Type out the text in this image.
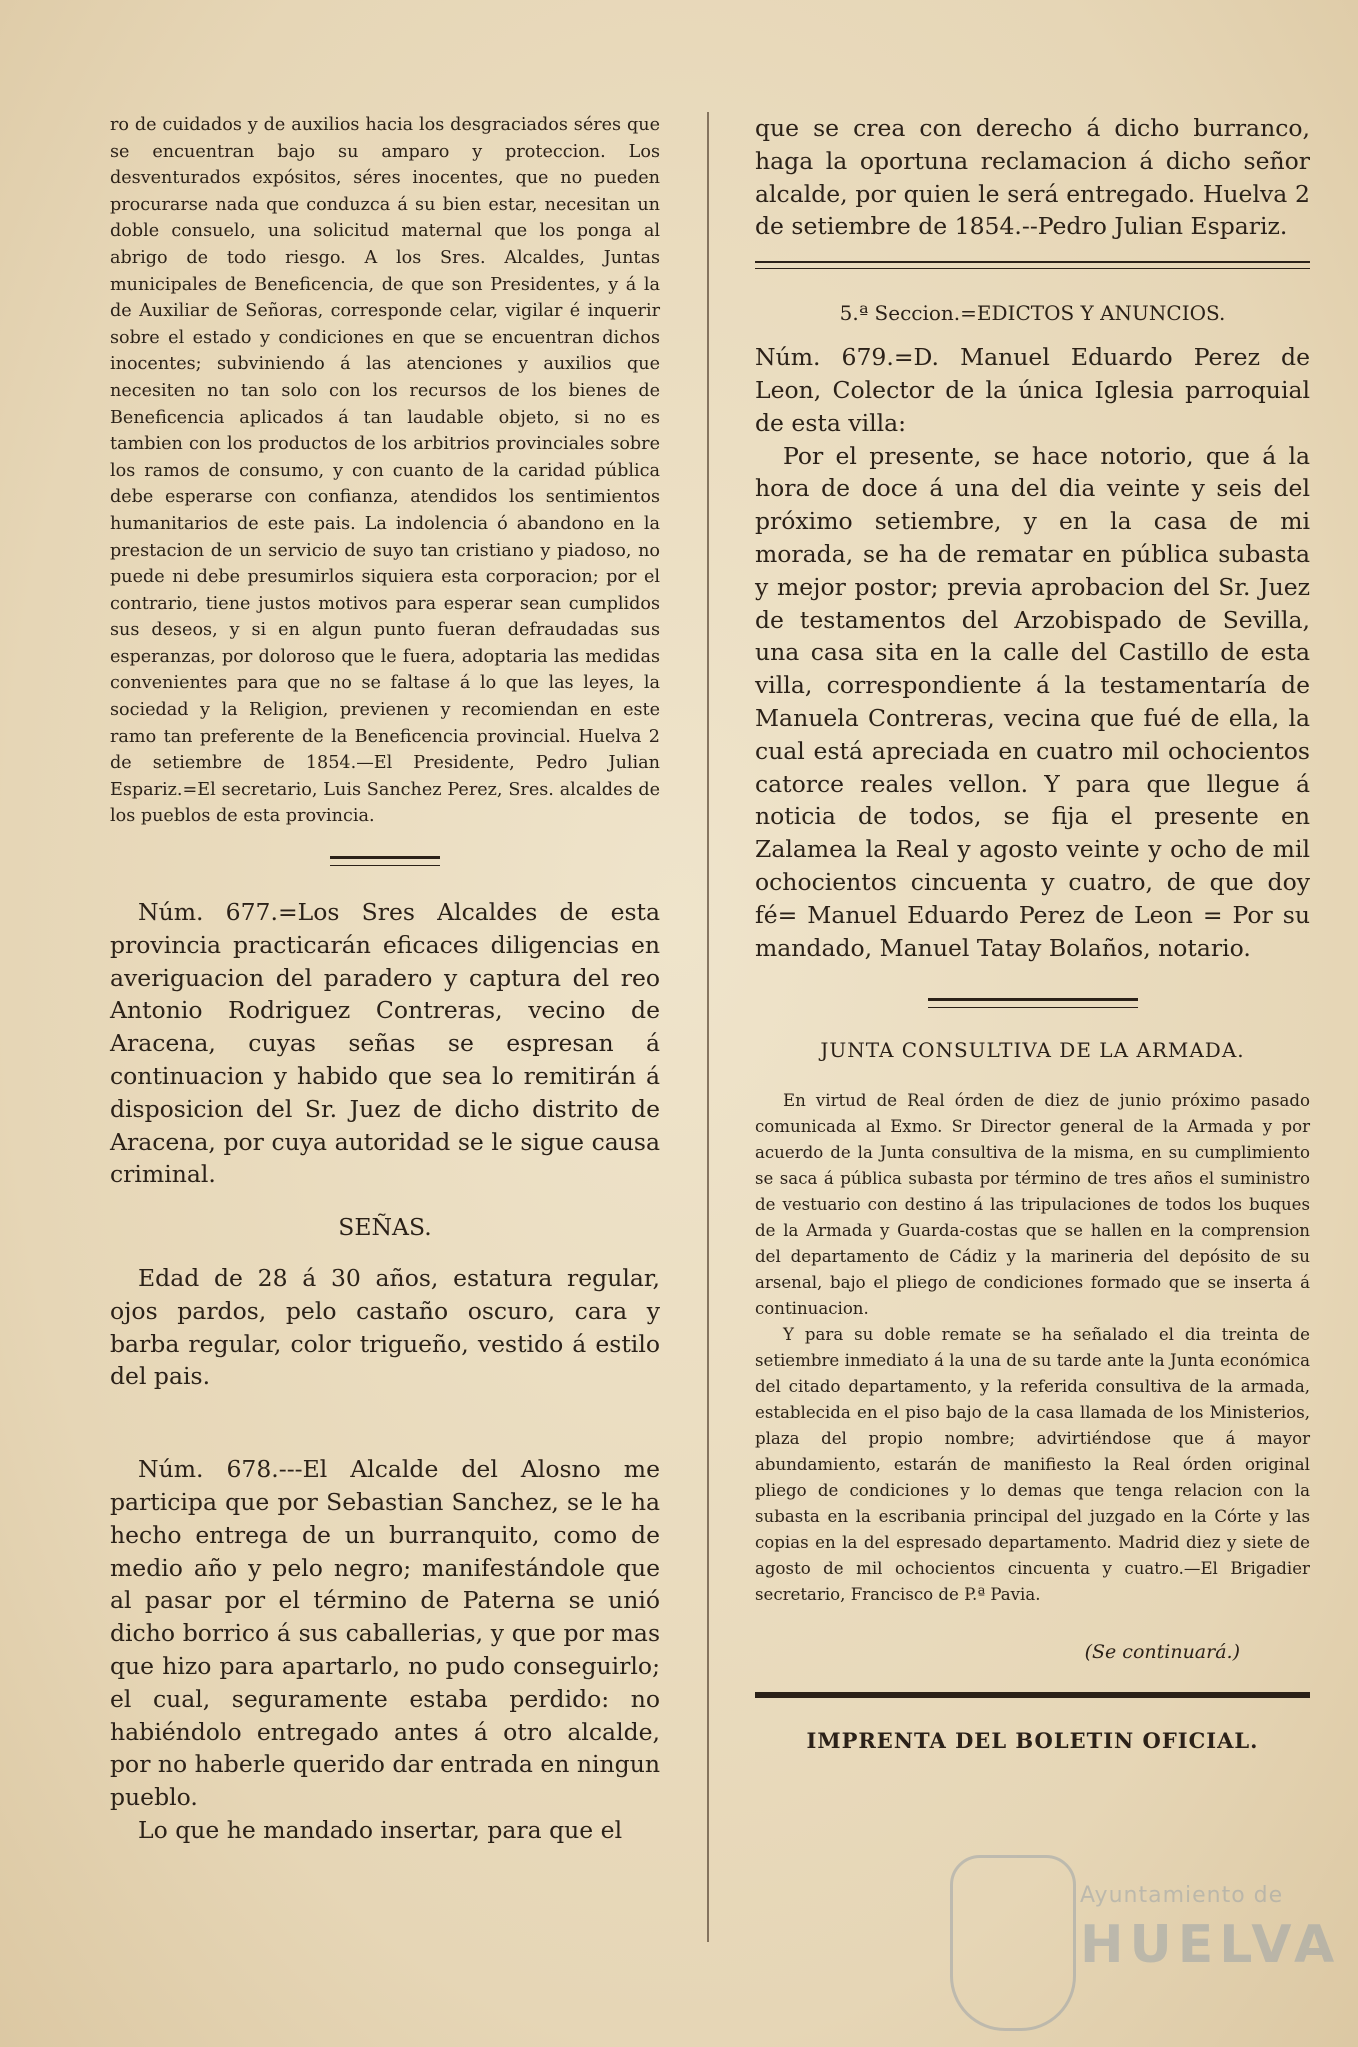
ro de cuidados y de auxilios hacia los desgraciados séres que se encuentran bajo su amparo y proteccion. Los desventurados expósitos, séres inocentes, que no pueden procurarse nada que conduzca á su bien estar, necesitan un doble consuelo, una solicitud maternal que los ponga al abrigo de todo riesgo. A los Sres. Alcaldes, Juntas municipales de Beneficencia, de que son Presidentes, y á la de Auxiliar de Señoras, corresponde celar, vigilar é inquerir sobre el estado y condiciones en que se encuentran dichos inocentes; subviniendo á las atenciones y auxilios que necesiten no tan solo con los recursos de los bienes de Beneficencia aplicados á tan laudable objeto, si no es tambien con los productos de los arbitrios provinciales sobre los ramos de consumo, y con cuanto de la caridad pública debe esperarse con confianza, atendidos los sentimientos humanitarios de este pais. La indolencia ó abandono en la prestacion de un servicio de suyo tan cristiano y piadoso, no puede ni debe presumirlos siquiera esta corporacion; por el contrario, tiene justos motivos para esperar sean cumplidos sus deseos, y si en algun punto fueran defraudadas sus esperanzas, por doloroso que le fuera, adoptaria las medidas convenientes para que no se faltase á lo que las leyes, la sociedad y la Religion, previenen y recomiendan en este ramo tan preferente de la Beneficencia provincial. Huelva 2 de setiembre de 1854.—El Presidente, Pedro Julian Espariz.=El secretario, Luis Sanchez Perez, Sres. alcaldes de los pueblos de esta provincia.

Núm. 677.=Los Sres Alcaldes de esta provincia practicarán eficaces diligencias en averiguacion del paradero y captura del reo Antonio Rodriguez Contreras, vecino de Aracena, cuyas señas se espresan á continuacion y habido que sea lo remitirán á disposicion del Sr. Juez de dicho distrito de Aracena, por cuya autoridad se le sigue causa criminal.

SEÑAS.

Edad de 28 á 30 años, estatura regular, ojos pardos, pelo castaño oscuro, cara y barba regular, color trigueño, vestido á estilo del pais.

Núm. 678.---El Alcalde del Alosno me participa que por Sebastian Sanchez, se le ha hecho entrega de un burranquito, como de medio año y pelo negro; manifestándole que al pasar por el término de Paterna se unió dicho borrico á sus caballerias, y que por mas que hizo para apartarlo, no pudo conseguirlo; el cual, seguramente estaba perdido: no habiéndolo entregado antes á otro alcalde, por no haberle querido dar entrada en ningun pueblo.

Lo que he mandado insertar, para que el

que se crea con derecho á dicho burranco, haga la oportuna reclamacion á dicho señor alcalde, por quien le será entregado. Huelva 2 de setiembre de 1854.--Pedro Julian Espariz.

5.ª Seccion.=EDICTOS Y ANUNCIOS.

Núm. 679.=D. Manuel Eduardo Perez de Leon, Colector de la única Iglesia parroquial de esta villa:

Por el presente, se hace notorio, que á la hora de doce á una del dia veinte y seis del próximo setiembre, y en la casa de mi morada, se ha de rematar en pública subasta y mejor postor; previa aprobacion del Sr. Juez de testamentos del Arzobispado de Sevilla, una casa sita en la calle del Castillo de esta villa, correspondiente á la testamentaría de Manuela Contreras, vecina que fué de ella, la cual está apreciada en cuatro mil ochocientos catorce reales vellon. Y para que llegue á noticia de todos, se fija el presente en Zalamea la Real y agosto veinte y ocho de mil ochocientos cincuenta y cuatro, de que doy fé= Manuel Eduardo Perez de Leon = Por su mandado, Manuel Tatay Bolaños, notario.

JUNTA CONSULTIVA DE LA ARMADA.

En virtud de Real órden de diez de junio próximo pasado comunicada al Exmo. Sr Director general de la Armada y por acuerdo de la Junta consultiva de la misma, en su cumplimiento se saca á pública subasta por término de tres años el suministro de vestuario con destino á las tripulaciones de todos los buques de la Armada y Guarda-costas que se hallen en la comprension del departamento de Cádiz y la marineria del depósito de su arsenal, bajo el pliego de condiciones formado que se inserta á continuacion.

Y para su doble remate se ha señalado el dia treinta de setiembre inmediato á la una de su tarde ante la Junta económica del citado departamento, y la referida consultiva de la armada, establecida en el piso bajo de la casa llamada de los Ministerios, plaza del propio nombre; advirtiéndose que á mayor abundamiento, estarán de manifiesto la Real órden original pliego de condiciones y lo demas que tenga relacion con la subasta en la escribania principal del juzgado en la Córte y las copias en la del espresado departamento. Madrid diez y siete de agosto de mil ochocientos cincuenta y cuatro.—El Brigadier secretario, Francisco de P.ª Pavia.

(Se continuará.)

IMPRENTA DEL BOLETIN OFICIAL.

Ayuntamiento de
HUELVA
